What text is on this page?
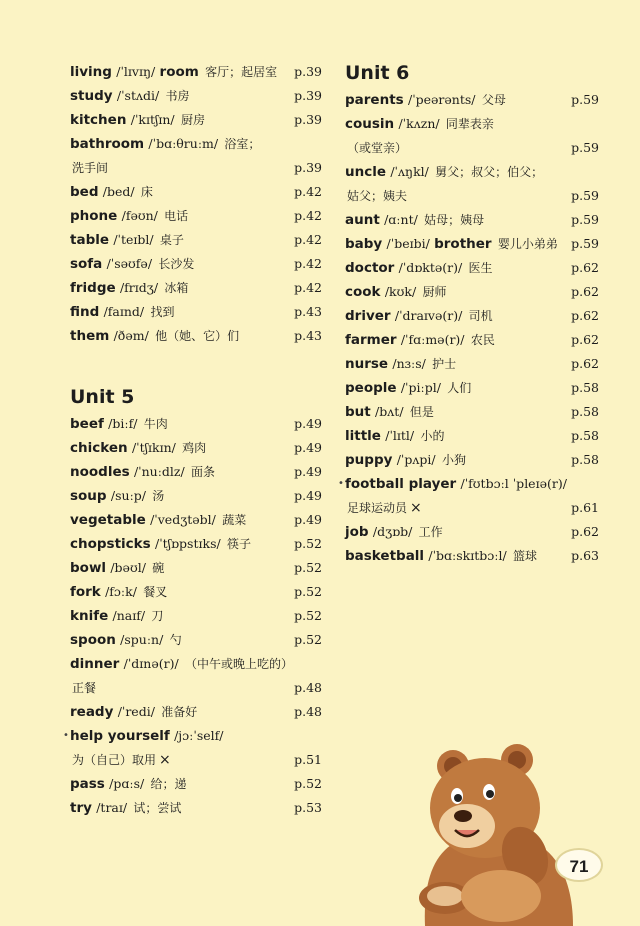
living /ˈlɪvɪŋ/ room 客厅；起居室 p.39
study /ˈstʌdi/ 书房	p.39
kitchen /ˈkɪtʃɪn/ 厨房	p.39
bathroom /ˈbɑːθruːm/ 浴室；
洗手间	p.39
bed /bed/ 床	p.42
phone /fəʊn/ 电话	p.42
table /ˈteɪbl/ 桌子	p.42
sofa /ˈsəʊfə/ 长沙发	p.42
fridge /frɪdʒ/ 冰箱	p.42
find /faɪnd/ 找到	p.43
them /ðəm/ 他（她、它）们	p.43
Unit 5
beef /biːf/ 牛肉	p.49
chicken /ˈtʃɪkɪn/ 鸡肉	p.49
noodles /ˈnuːdlz/ 面条	p.49
soup /suːp/ 汤	p.49
vegetable /ˈvedʒtəbl/ 蔬菜	p.49
chopsticks /ˈtʃɒpstɪks/ 筷子	p.52
bowl /bəʊl/ 碗	p.52
fork /fɔːk/ 餐叉	p.52
knife /naɪf/ 刀	p.52
spoon /spuːn/ 勺	p.52
dinner /ˈdɪnə(r)/ （中午或晚上吃的）
正餐	p.48
ready /ˈredi/ 准备好	p.48
• help yourself /jɔːˈself/
为（自己）取用 ×	p.51
pass /pɑːs/ 给；递	p.52
try /traɪ/ 试；尝试	p.53
Unit 6
parents /ˈpeərənts/ 父母	p.59
cousin /ˈkʌzn/ 同辈表亲
（或堂亲）	p.59
uncle /ˈʌŋkl/ 舅父；叔父；伯父；
姑父；姨夫	p.59
aunt /ɑːnt/ 姑母；姨母	p.59
baby /ˈbeɪbi/ brother 婴儿小弟弟 p.59
doctor /ˈdɒktə(r)/ 医生	p.62
cook /kʊk/ 厨师	p.62
driver /ˈdraɪvə(r)/ 司机	p.62
farmer /ˈfɑːmə(r)/ 农民	p.62
nurse /nɜːs/ 护士	p.62
people /ˈpiːpl/ 人们	p.58
but /bʌt/ 但是	p.58
little /ˈlɪtl/ 小的	p.58
puppy /ˈpʌpi/ 小狗	p.58
• football player /ˈfʊtbɔːl ˈpleɪə(r)/
足球运动员 ×	p.61
job /dʒɒb/ 工作	p.62
basketball /ˈbɑːskɪtbɔːl/ 篮球	p.63
71
